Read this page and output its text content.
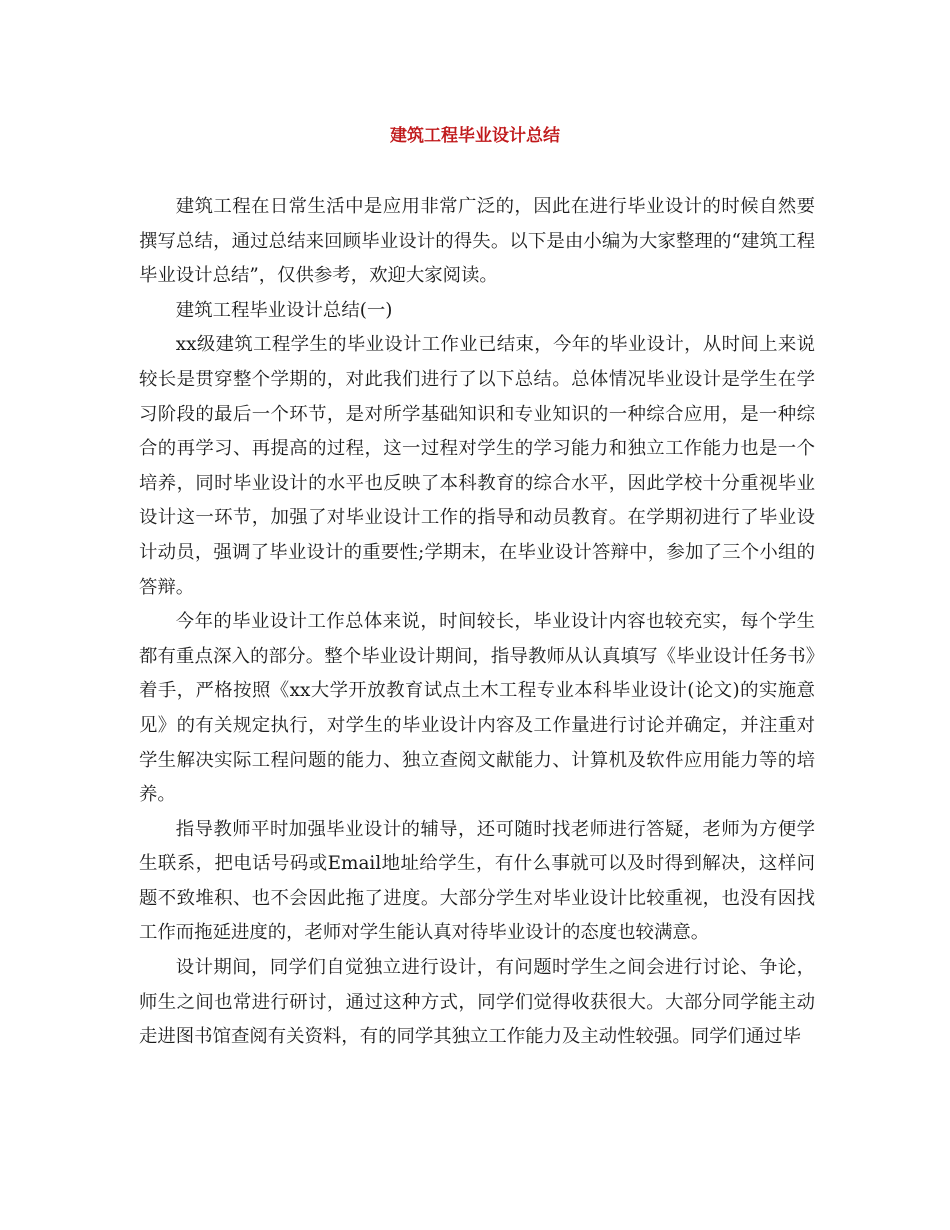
建筑工程毕业设计总结

建筑工程在日常生活中是应用非常广泛的，因此在进行毕业设计的时候自然要撰写总结，通过总结来回顾毕业设计的得失。以下是由小编为大家整理的“建筑工程毕业设计总结”，仅供参考，欢迎大家阅读。

建筑工程毕业设计总结(一)

xx级建筑工程学生的毕业设计工作业已结束，今年的毕业设计，从时间上来说较长是贯穿整个学期的，对此我们进行了以下总结。总体情况毕业设计是学生在学习阶段的最后一个环节，是对所学基础知识和专业知识的一种综合应用，是一种综合的再学习、再提高的过程，这一过程对学生的学习能力和独立工作能力也是一个培养，同时毕业设计的水平也反映了本科教育的综合水平，因此学校十分重视毕业设计这一环节，加强了对毕业设计工作的指导和动员教育。在学期初进行了毕业设计动员，强调了毕业设计的重要性;学期末，在毕业设计答辩中，参加了三个小组的答辩。

今年的毕业设计工作总体来说，时间较长，毕业设计内容也较充实，每个学生都有重点深入的部分。整个毕业设计期间，指导教师从认真填写《毕业设计任务书》着手，严格按照《xx大学开放教育试点土木工程专业本科毕业设计(论文)的实施意见》的有关规定执行，对学生的毕业设计内容及工作量进行讨论并确定，并注重对学生解决实际工程问题的能力、独立查阅文献能力、计算机及软件应用能力等的培养。

指导教师平时加强毕业设计的辅导，还可随时找老师进行答疑，老师为方便学生联系，把电话号码或Email地址给学生，有什么事就可以及时得到解决，这样问题不致堆积、也不会因此拖了进度。大部分学生对毕业设计比较重视，也没有因找工作而拖延进度的，老师对学生能认真对待毕业设计的态度也较满意。

设计期间，同学们自觉独立进行设计，有问题时学生之间会进行讨论、争论，师生之间也常进行研讨，通过这种方式，同学们觉得收获很大。大部分同学能主动走进图书馆查阅有关资料，有的同学其独立工作能力及主动性较强。同学们通过毕
